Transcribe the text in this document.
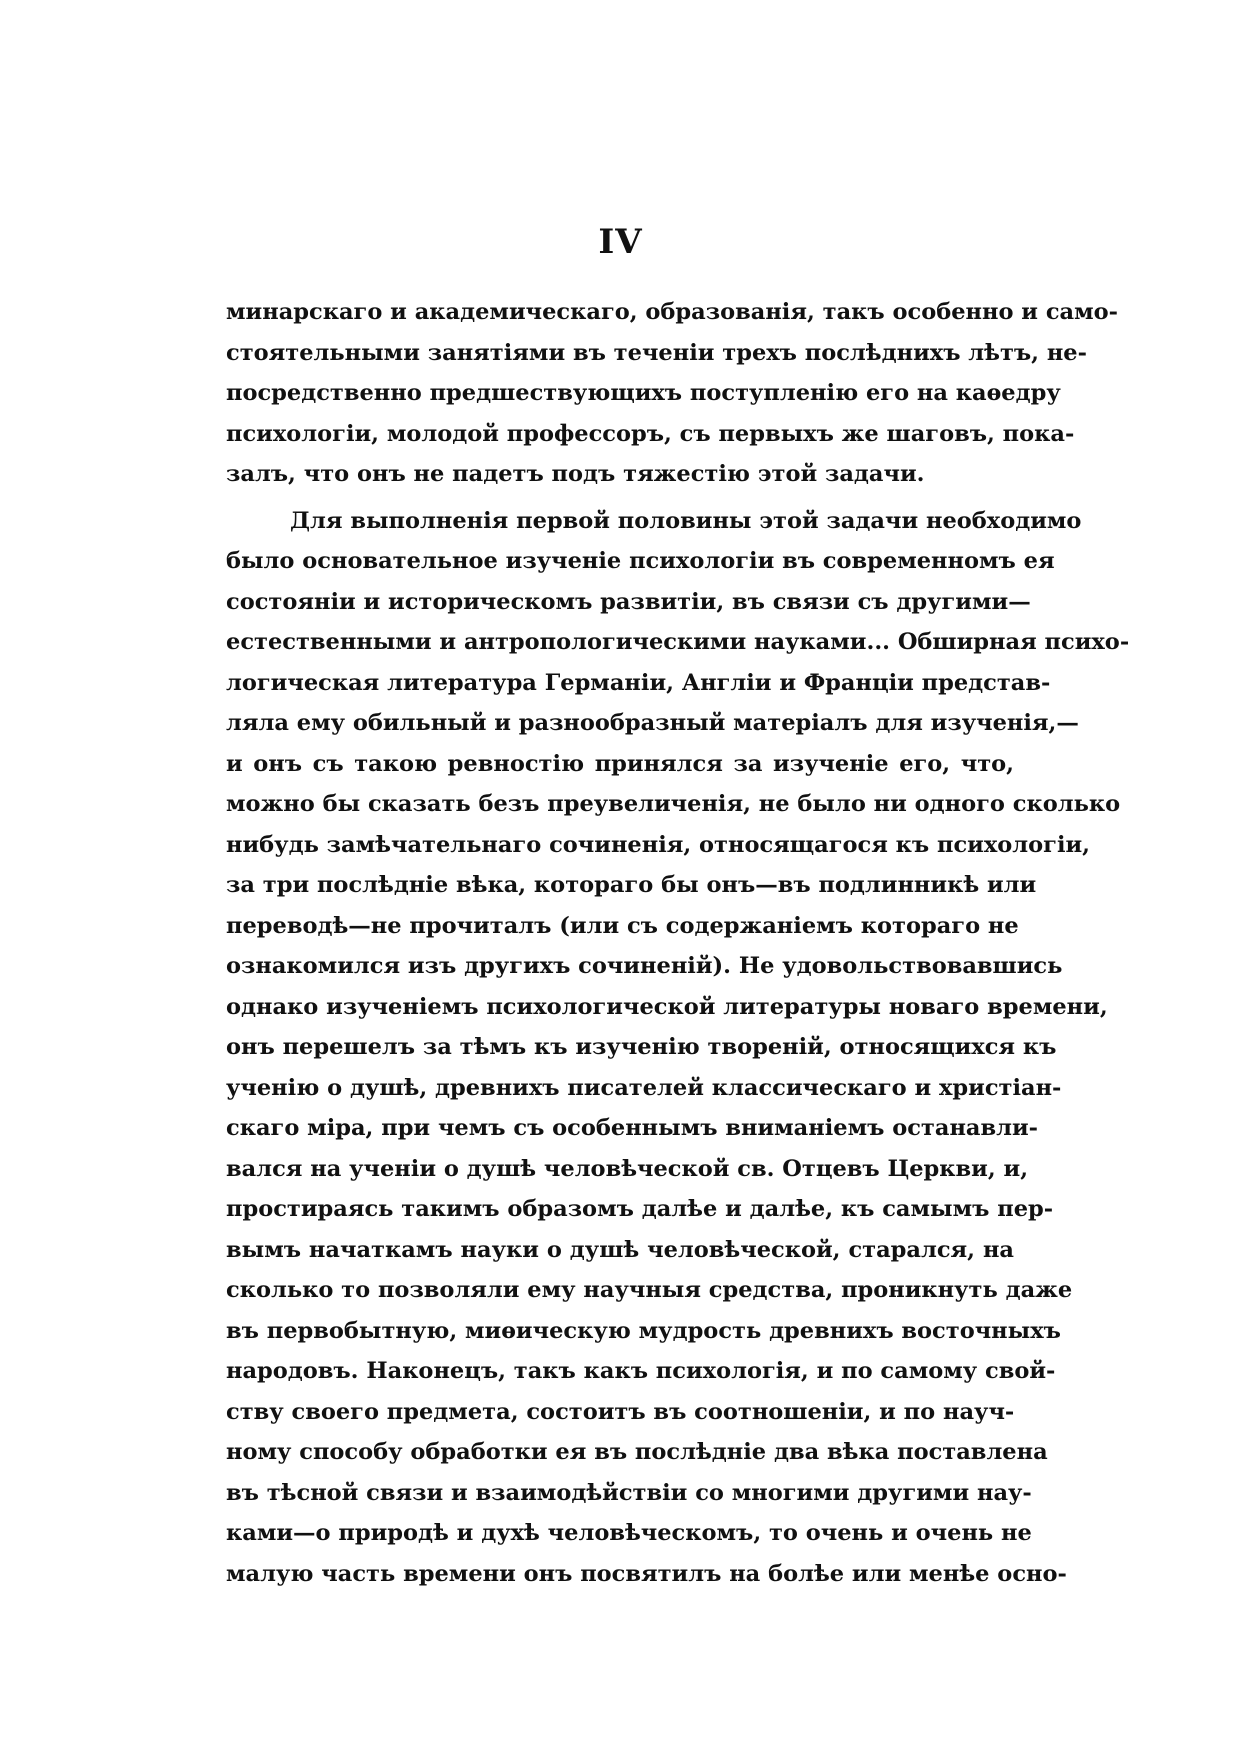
IV
минарскаго и академическаго, образованія, такъ особенно и само-
стоятельными занятіями въ теченіи трехъ послѣднихъ лѣтъ, не-
посредственно предшествующихъ поступленію его на каѳедру
психологіи, молодой профессоръ, съ первыхъ же шаговъ, пока-
залъ, что онъ не падетъ подъ тяжестію этой задачи.
Для выполненія первой половины этой задачи необходимо
было основательное изученіе психологіи въ современномъ ея
состояніи и историческомъ развитіи, въ связи съ другими—
естественными и антропологическими науками... Обширная психо-
логическая литература Германіи, Англіи и Франціи представ-
ляла ему обильный и разнообразный матеріалъ для изученія,—
и онъ съ такою ревностію принялся за изученіе его, что,
можно бы сказать безъ преувеличенія, не было ни одного сколько
нибудь замѣчательнаго сочиненія, относящагося къ психологіи,
за три послѣдніе вѣка, котораго бы онъ—въ подлинникѣ или
переводѣ—не прочиталъ (или съ содержаніемъ котораго не
ознакомился изъ другихъ сочиненій). Не удовольствовавшись
однако изученіемъ психологической литературы новаго времени,
онъ перешелъ за тѣмъ къ изученію твореній, относящихся къ
ученію о душѣ, древнихъ писателей классическаго и христіан-
скаго міра, при чемъ съ особеннымъ вниманіемъ останавли-
вался на ученіи о душѣ человѣческой св. Отцевъ Церкви, и,
простираясь такимъ образомъ далѣе и далѣе, къ самымъ пер-
вымъ начаткамъ науки о душѣ человѣческой, старался, на
сколько то позволяли ему научныя средства, проникнуть даже
въ первобытную, миѳическую мудрость древнихъ восточныхъ
народовъ. Наконецъ, такъ какъ психологія, и по самому свой-
ству своего предмета, состоитъ въ соотношеніи, и по науч-
ному способу обработки ея въ послѣдніе два вѣка поставлена
въ тѣсной связи и взаимодѣйствіи со многими другими нау-
ками—о природѣ и духѣ человѣческомъ, то очень и очень не
малую часть времени онъ посвятилъ на болѣе или менѣе осно-
